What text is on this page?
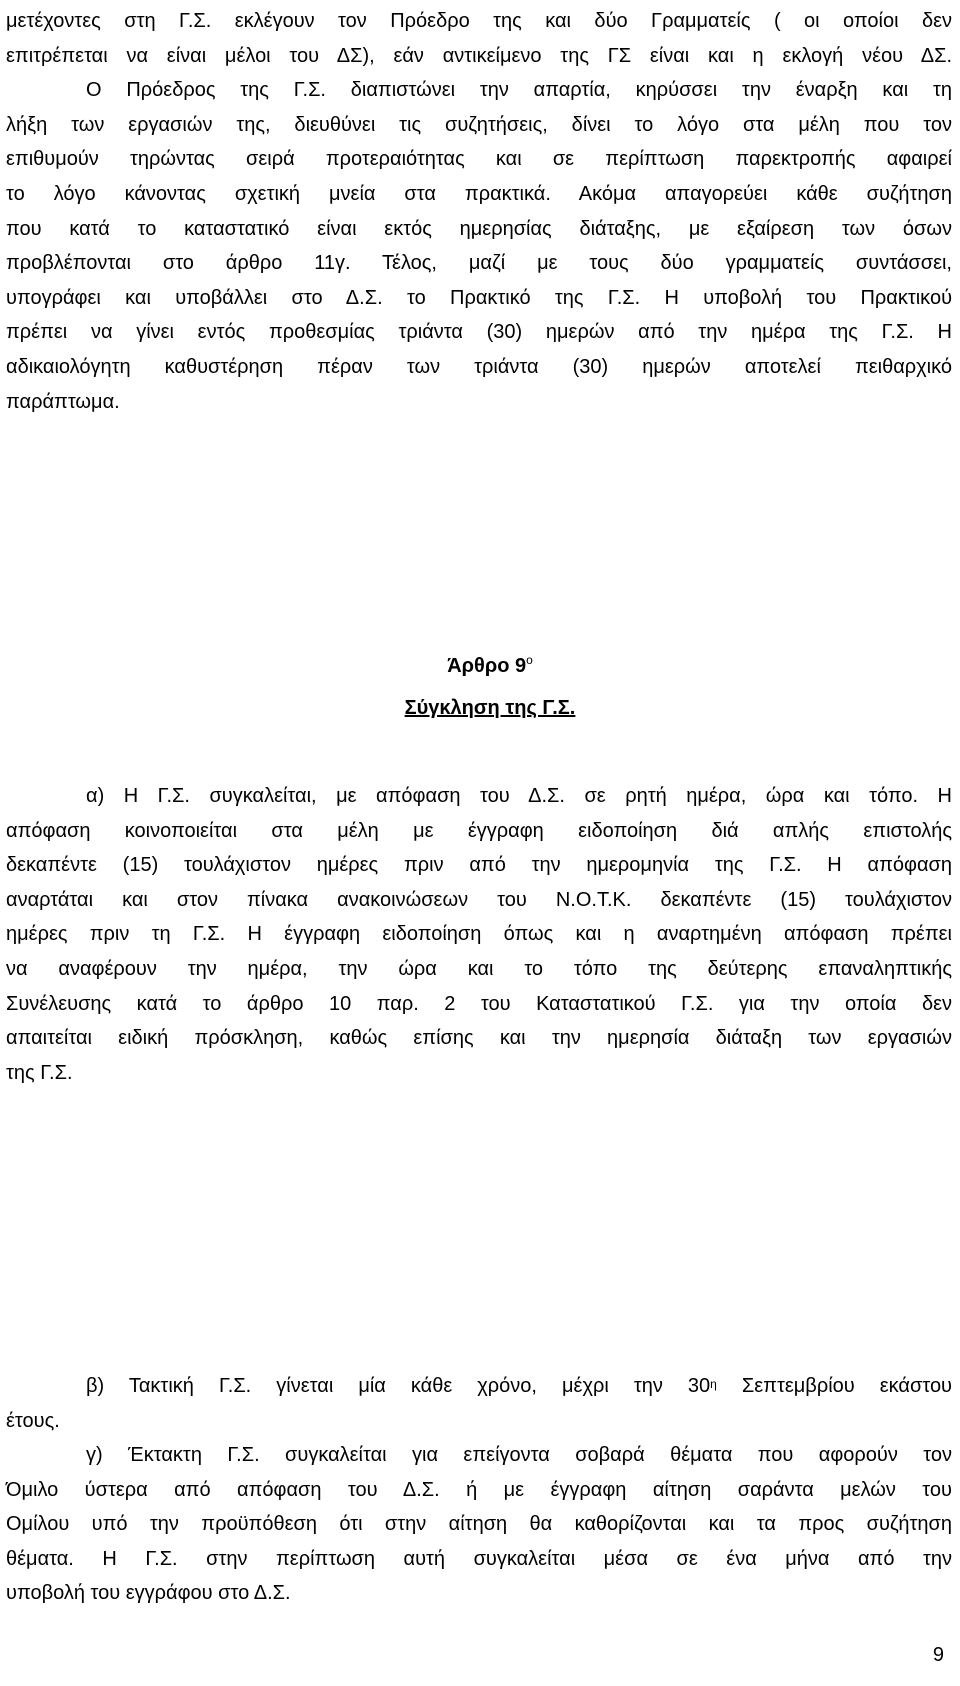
μετέχοντες στη Γ.Σ. εκλέγουν τον Πρόεδρο της και δύο Γραμματείς ( οι οποίοι δεν
επιτρέπεται να είναι μέλοι του ΔΣ), εάν αντικείμενο της ΓΣ είναι και η εκλογή νέου ΔΣ.
Ο Πρόεδρος της Γ.Σ. διαπιστώνει την απαρτία, κηρύσσει την έναρξη και τη
λήξη των εργασιών της, διευθύνει τις συζητήσεις, δίνει το λόγο στα μέλη που τον
επιθυμούν τηρώντας σειρά προτεραιότητας και σε περίπτωση παρεκτροπής αφαιρεί
το λόγο κάνοντας σχετική μνεία στα πρακτικά. Ακόμα απαγορεύει κάθε συζήτηση
που κατά το καταστατικό είναι εκτός ημερησίας διάταξης, με εξαίρεση των όσων
προβλέπονται στο άρθρο 11γ. Τέλος, μαζί με τους δύο γραμματείς συντάσσει,
υπογράφει και υποβάλλει στο Δ.Σ. το Πρακτικό της Γ.Σ. Η υποβολή του Πρακτικού
πρέπει να γίνει εντός προθεσμίας τριάντα (30) ημερών από την ημέρα της Γ.Σ. Η
αδικαιολόγητη καθυστέρηση πέραν των τριάντα (30) ημερών αποτελεί πειθαρχικό
παράπτωμα.
Άρθρο $9^o$
Σύγκληση της Γ.Σ.
α) Η Γ.Σ. συγκαλείται, με απόφαση του Δ.Σ. σε ρητή ημέρα, ώρα και τόπο. Η
απόφαση κοινοποιείται στα μέλη με έγγραφη ειδοποίηση διά απλής επιστολής
δεκαπέντε (15) τουλάχιστον ημέρες πριν από την ημερομηνία της Γ.Σ. Η απόφαση
αναρτάται και στον πίνακα ανακοινώσεων του Ν.Ο.Τ.Κ. δεκαπέντε (15) τουλάχιστον
ημέρες πριν τη Γ.Σ. Η έγγραφη ειδοποίηση όπως και η αναρτημένη απόφαση πρέπει
να αναφέρουν την ημέρα, την ώρα και το τόπο της δεύτερης επαναληπτικής
Συνέλευσης κατά το άρθρο 10 παρ. 2 του Καταστατικού Γ.Σ. για την οποία δεν
απαιτείται ειδική πρόσκληση, καθώς επίσης και την ημερησία διάταξη των εργασιών
της Γ.Σ.
β) Τακτική Γ.Σ. γίνεται μία κάθε χρόνο, μέχρι την $30^\eta$ Σεπτεμβρίου εκάστου
έτους.
γ) Έκτακτη Γ.Σ. συγκαλείται για επείγοντα σοβαρά θέματα που αφορούν τον
Όμιλο ύστερα από απόφαση του Δ.Σ. ή με έγγραφη αίτηση σαράντα μελών του
Ομίλου υπό την προϋπόθεση ότι στην αίτηση θα καθορίζονται και τα προς συζήτηση
θέματα. Η Γ.Σ. στην περίπτωση αυτή συγκαλείται μέσα σε ένα μήνα από την
υποβολή του εγγράφου στο Δ.Σ.
9
